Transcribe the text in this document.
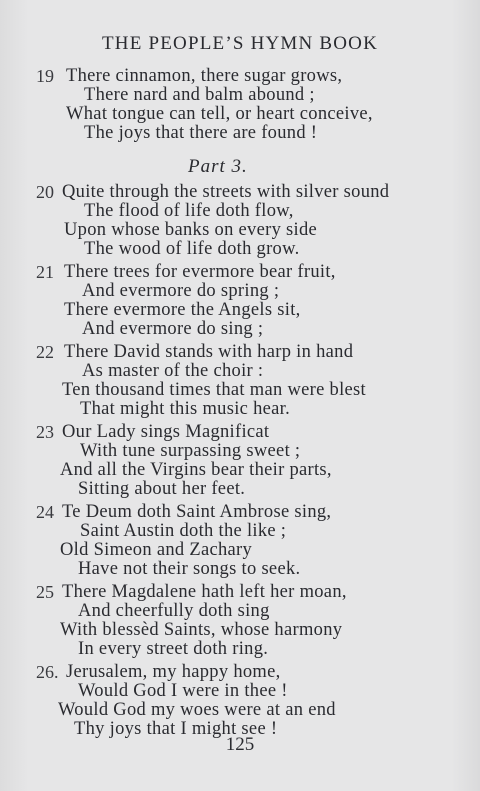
THE PEOPLE’S HYMN BOOK
19 There cinnamon, there sugar grows,
There nard and balm abound ;
What tongue can tell, or heart conceive,
The joys that there are found !
Part 3.
20 Quite through the streets with silver sound
The flood of life doth flow,
Upon whose banks on every side
The wood of life doth grow.
21 There trees for evermore bear fruit,
And evermore do spring ;
There evermore the Angels sit,
And evermore do sing ;
22 There David stands with harp in hand
As master of the choir :
Ten thousand times that man were blest
That might this music hear.
23 Our Lady sings Magnificat
With tune surpassing sweet ;
And all the Virgins bear their parts,
Sitting about her feet.
24 Te Deum doth Saint Ambrose sing,
Saint Austin doth the like ;
Old Simeon and Zachary
Have not their songs to seek.
25 There Magdalene hath left her moan,
And cheerfully doth sing
With blessèd Saints, whose harmony
In every street doth ring.
26. Jerusalem, my happy home,
Would God I were in thee !
Would God my woes were at an end
Thy joys that I might see !
125
